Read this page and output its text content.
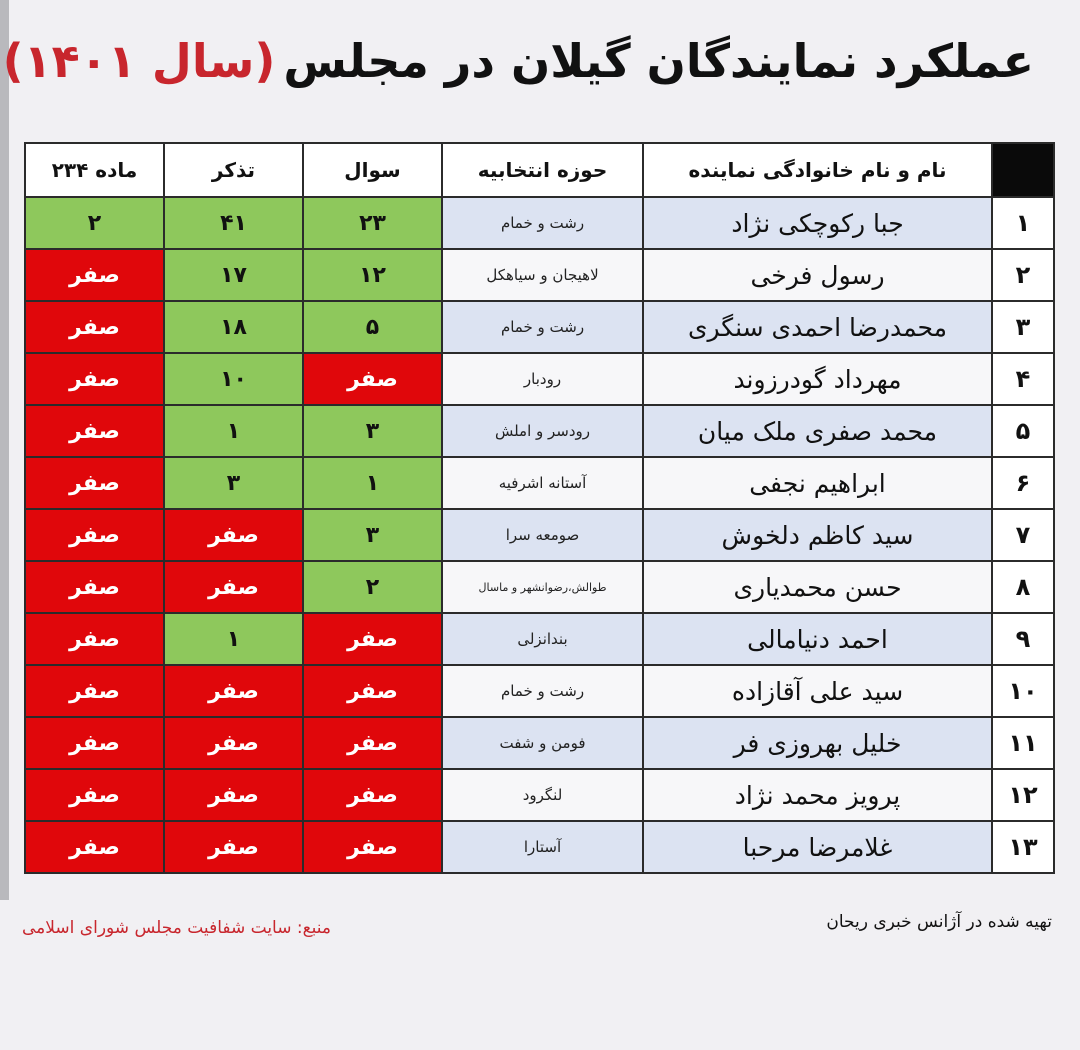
عملکرد نمایندگان گیلان در مجلس(سال ۱۴۰۱)
	نام و نام خانوادگی نماینده	حوزه انتخابیه	سوال	تذکر	ماده ۲۳۴
۱	جبا رکوچکی نژاد	رشت و خمام	۲۳	۴۱	۲
۲	رسول فرخی	لاهیجان و سیاهکل	۱۲	۱۷	صفر
۳	محمدرضا احمدی سنگری	رشت و خمام	۵	۱۸	صفر
۴	مهرداد گودرزوند	رودبار	صفر	۱۰	صفر
۵	محمد صفری ملک میان	رودسر و املش	۳	۱	صفر
۶	ابراهیم نجفی	آستانه اشرفیه	۱	۳	صفر
۷	سید کاظم دلخوش	صومعه سرا	۳	صفر	صفر
۸	حسن محمدیاری	طوالش،رضوانشهر و ماسال	۲	صفر	صفر
۹	احمد دنیامالی	بندانزلی	صفر	۱	صفر
۱۰	سید علی آقازاده	رشت و خمام	صفر	صفر	صفر
۱۱	خلیل بهروزی فر	فومن و شفت	صفر	صفر	صفر
۱۲	پرویز محمد نژاد	لنگرود	صفر	صفر	صفر
۱۳	غلامرضا مرحبا	آستارا	صفر	صفر	صفر
منبع: سایت شفافیت مجلس شورای اسلامی	تهیه شده در آژانس خبری ریحان
